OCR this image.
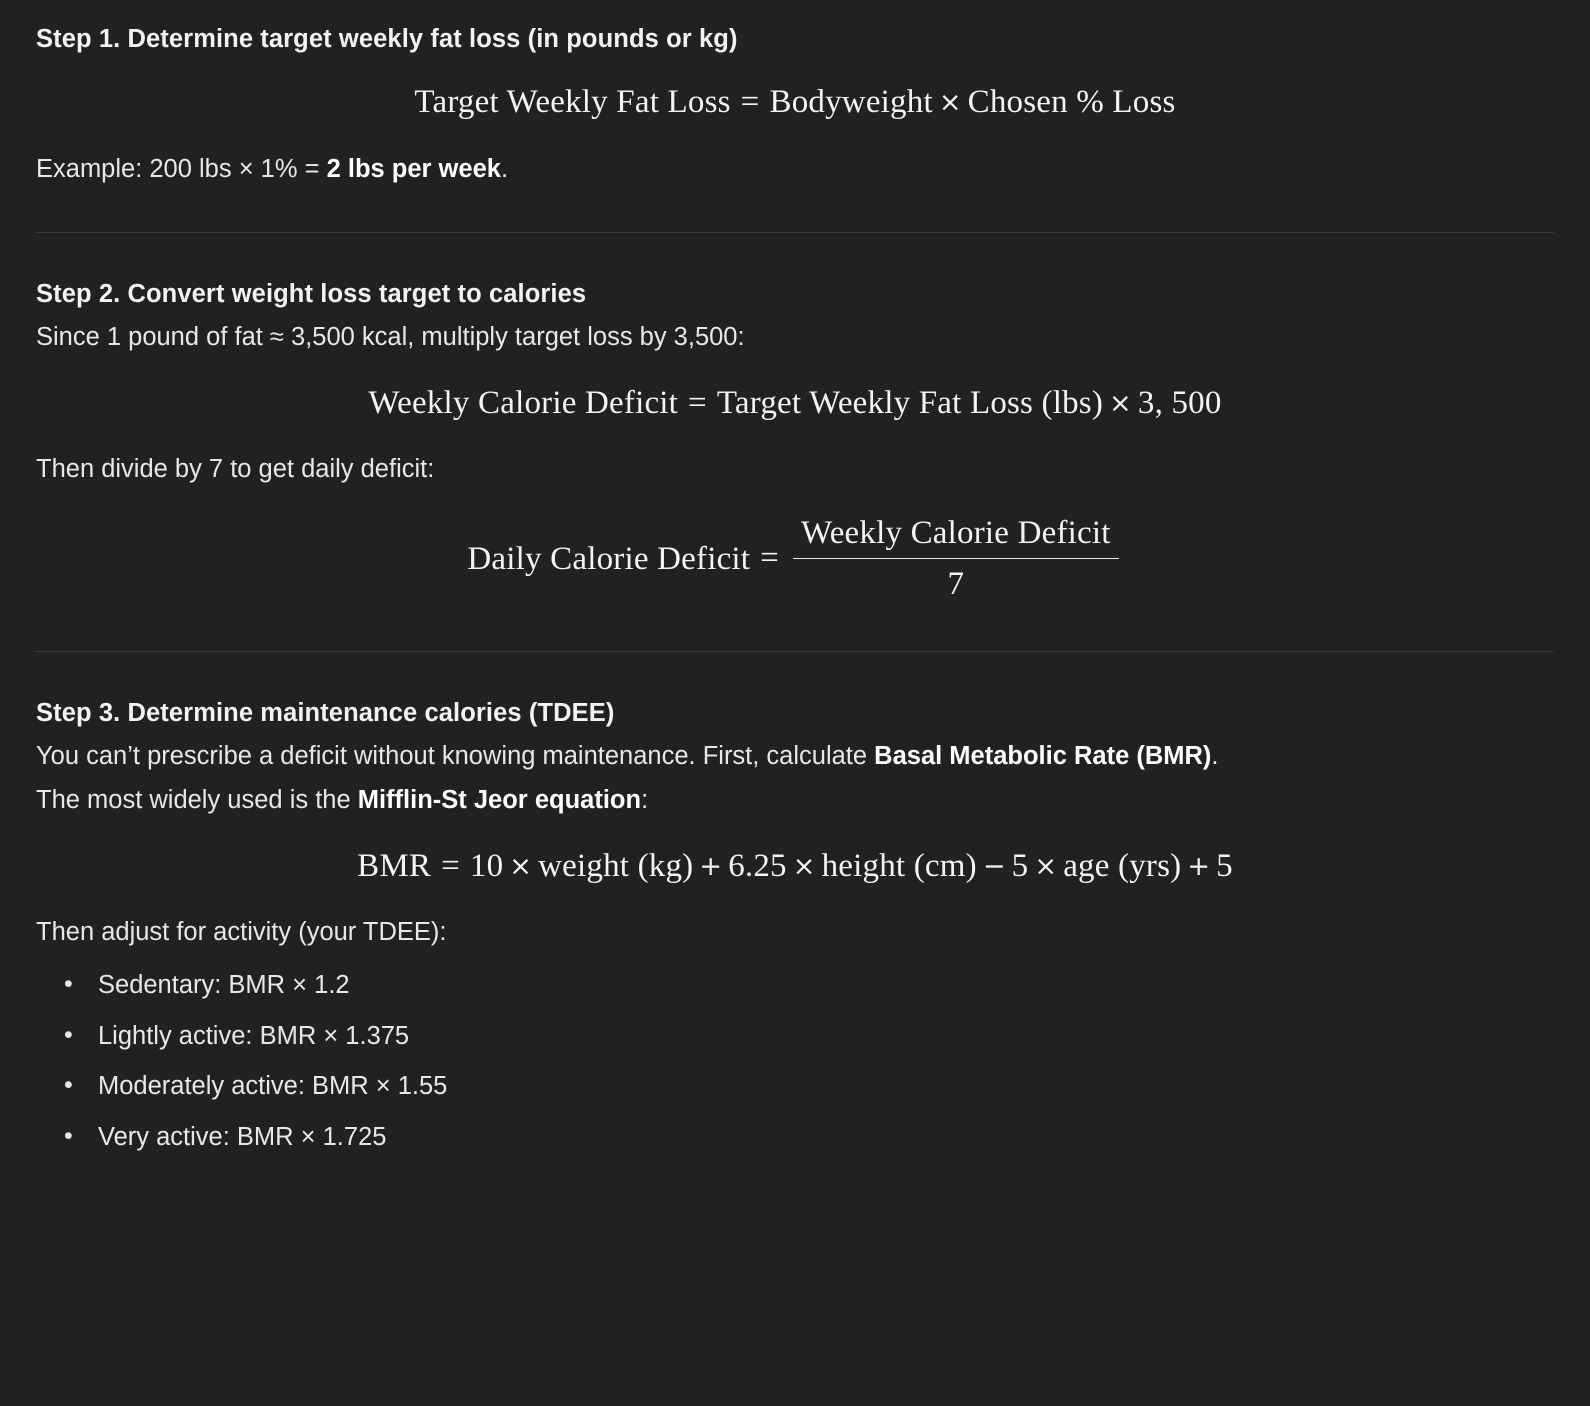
Step 1. Determine target weekly fat loss (in pounds or kg)
Target Weekly Fat Loss = Bodyweight × Chosen % Loss

Example: 200 lbs × 1% = 2 lbs per week.

Step 2. Convert weight loss target to calories

Since 1 pound of fat ≈ 3,500 kcal, multiply target loss by 3,500:

Weekly Calorie Deficit = Target Weekly Fat Loss (lbs) × 3, 500

Then divide by 7 to get daily deficit:

Daily Calorie Deficit = $\frac{\text{Weekly Calorie Deficit}}{7}$
Step 3. Determine maintenance calories (TDEE)

You can’t prescribe a deficit without knowing maintenance. First, calculate Basal Metabolic Rate (BMR).

The most widely used is the Mifflin-St Jeor equation:

BMR = 10 × weight (kg) + 6.25 × height (cm) − 5 × age (yrs) + 5

Then adjust for activity (your TDEE):

• Sedentary: BMR × 1.2
• Lightly active: BMR × 1.375
• Moderately active: BMR × 1.55
• Very active: BMR × 1.725
